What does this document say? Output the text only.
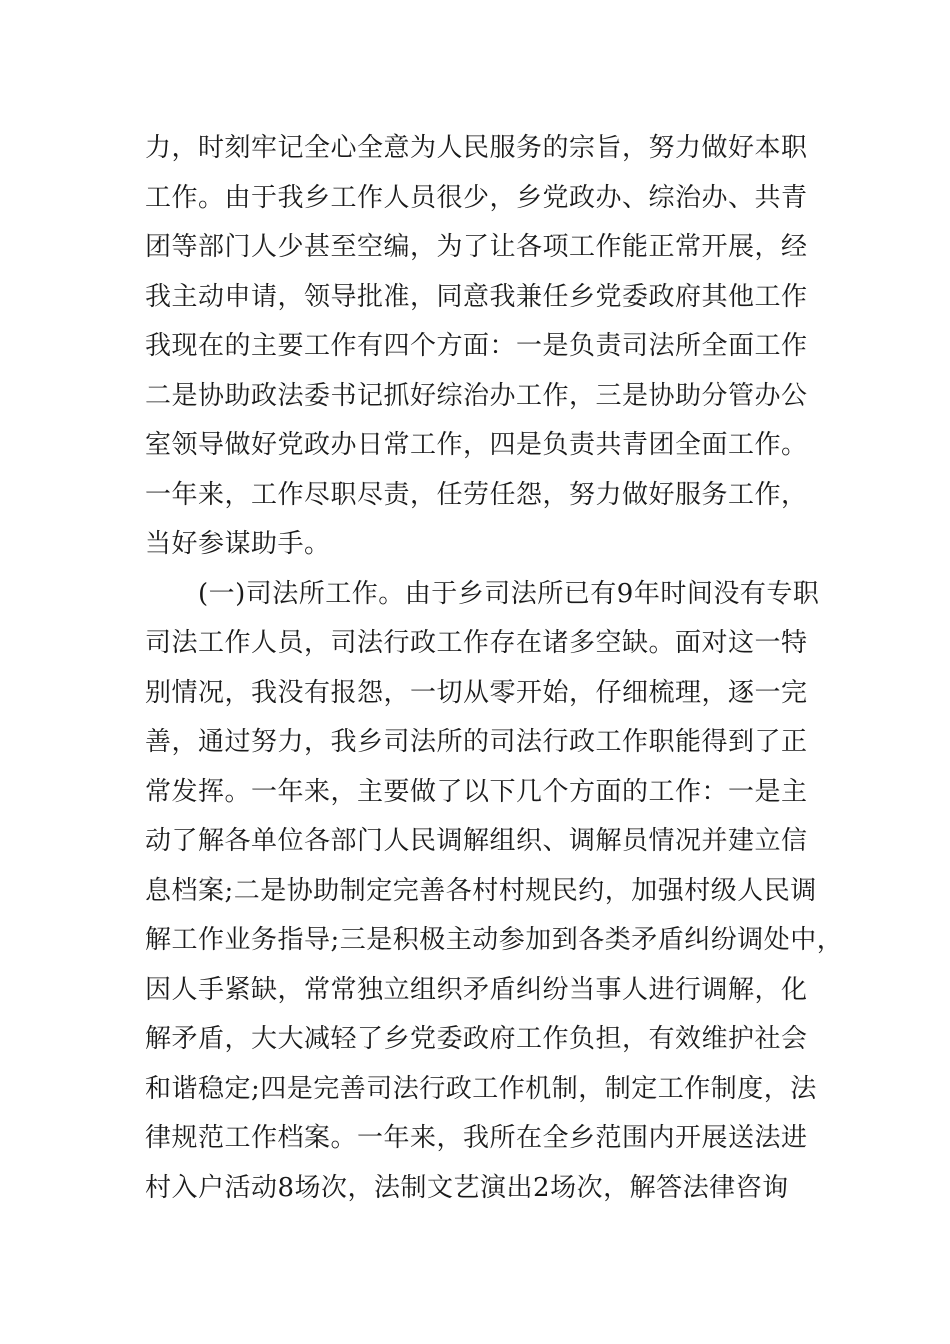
力，时刻牢记全心全意为人民服务的宗旨，努力做好本职
工作。由于我乡工作人员很少，乡党政办、综治办、共青
团等部门人少甚至空编，为了让各项工作能正常开展，经
我主动申请，领导批准，同意我兼任乡党委政府其他工作
我现在的主要工作有四个方面：一是负责司法所全面工作
二是协助政法委书记抓好综治办工作，三是协助分管办公
室领导做好党政办日常工作，四是负责共青团全面工作。
一年来，工作尽职尽责，任劳任怨，努力做好服务工作，
当好参谋助手。
　　(一)司法所工作。由于乡司法所已有9年时间没有专职
司法工作人员，司法行政工作存在诸多空缺。面对这一特
别情况，我没有报怨，一切从零开始，仔细梳理，逐一完
善，通过努力，我乡司法所的司法行政工作职能得到了正
常发挥。一年来，主要做了以下几个方面的工作：一是主
动了解各单位各部门人民调解组织、调解员情况并建立信
息档案;二是协助制定完善各村村规民约，加强村级人民调
解工作业务指导;三是积极主动参加到各类矛盾纠纷调处中，
因人手紧缺，常常独立组织矛盾纠纷当事人进行调解，化
解矛盾，大大减轻了乡党委政府工作负担，有效维护社会
和谐稳定;四是完善司法行政工作机制，制定工作制度，法
律规范工作档案。一年来，我所在全乡范围内开展送法进
村入户活动8场次，法制文艺演出2场次，解答法律咨询
